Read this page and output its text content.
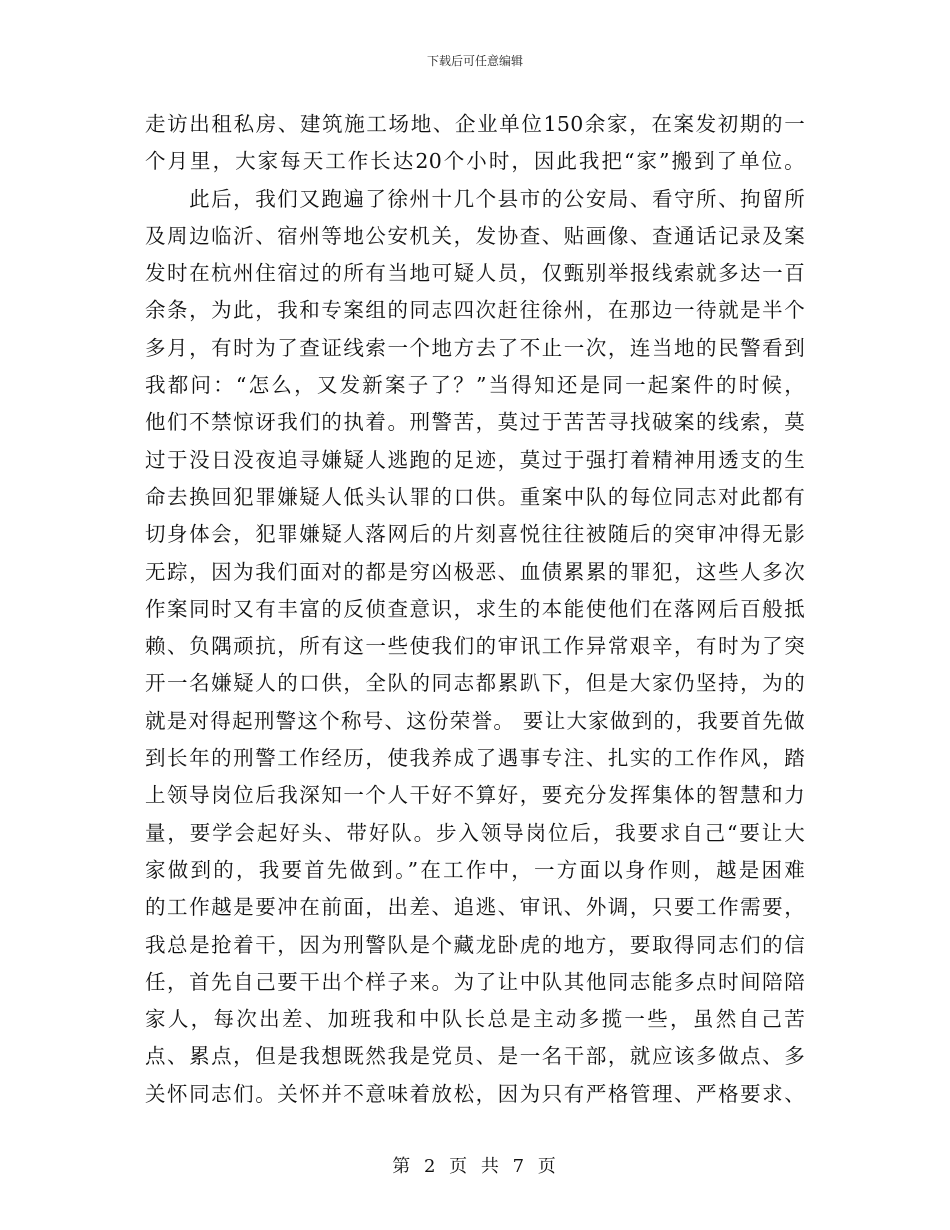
下载后可任意编辑
走访出租私房、建筑施工场地、企业单位150余家，在案发初期的一
个月里，大家每天工作长达20个小时，因此我把“家”搬到了单位。
　　此后，我们又跑遍了徐州十几个县市的公安局、看守所、拘留所
及周边临沂、宿州等地公安机关，发协查、贴画像、查通话记录及案
发时在杭州住宿过的所有当地可疑人员，仅甄别举报线索就多达一百
余条，为此，我和专案组的同志四次赶往徐州，在那边一待就是半个
多月，有时为了查证线索一个地方去了不止一次，连当地的民警看到
我都问：“怎么，又发新案子了？”当得知还是同一起案件的时候，
他们不禁惊讶我们的执着。刑警苦，莫过于苦苦寻找破案的线索，莫
过于没日没夜追寻嫌疑人逃跑的足迹，莫过于强打着精神用透支的生
命去换回犯罪嫌疑人低头认罪的口供。重案中队的每位同志对此都有
切身体会，犯罪嫌疑人落网后的片刻喜悦往往被随后的突审冲得无影
无踪，因为我们面对的都是穷凶极恶、血债累累的罪犯，这些人多次
作案同时又有丰富的反侦查意识，求生的本能使他们在落网后百般抵
赖、负隅顽抗，所有这一些使我们的审讯工作异常艰辛，有时为了突
开一名嫌疑人的口供，全队的同志都累趴下，但是大家仍坚持，为的
就是对得起刑警这个称号、这份荣誉。 要让大家做到的，我要首先做
到长年的刑警工作经历，使我养成了遇事专注、扎实的工作作风，踏
上领导岗位后我深知一个人干好不算好，要充分发挥集体的智慧和力
量，要学会起好头、带好队。步入领导岗位后，我要求自己“要让大
家做到的，我要首先做到。”在工作中，一方面以身作则，越是困难
的工作越是要冲在前面，出差、追逃、审讯、外调，只要工作需要，
我总是抢着干，因为刑警队是个藏龙卧虎的地方，要取得同志们的信
任，首先自己要干出个样子来。为了让中队其他同志能多点时间陪陪
家人，每次出差、加班我和中队长总是主动多揽一些，虽然自己苦
点、累点，但是我想既然我是党员、是一名干部，就应该多做点、多
关怀同志们。关怀并不意味着放松，因为只有严格管理、严格要求、
第 2 页 共 7 页
